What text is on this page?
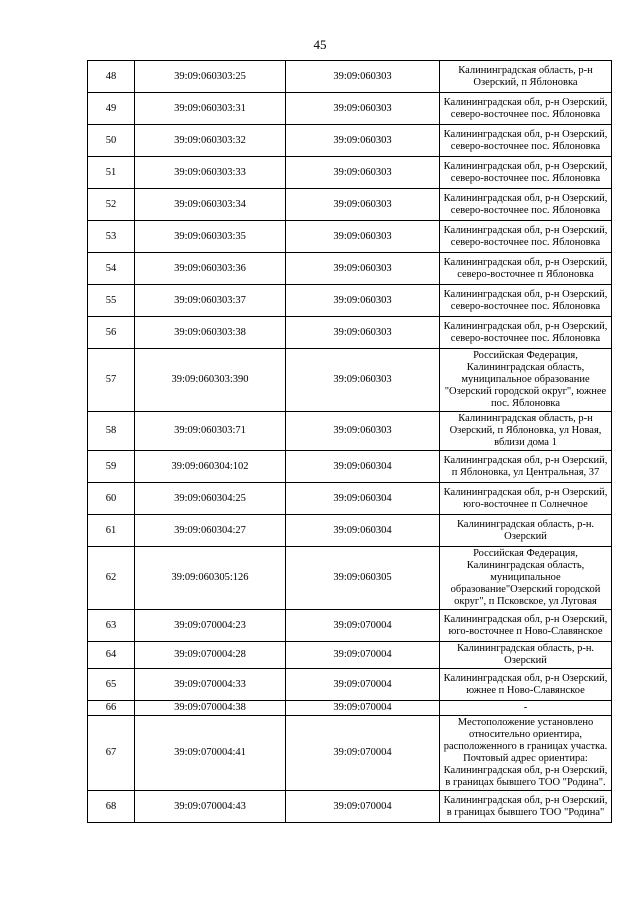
45
48	39:09:060303:25	39:09:060303	Калининградская область, р-н Озерский, п Яблоновка
49	39:09:060303:31	39:09:060303	Калининградская обл, р-н Озерский, северо-восточнее пос. Яблоновка
50	39:09:060303:32	39:09:060303	Калининградская обл, р-н Озерский, северо-восточнее пос. Яблоновка
51	39:09:060303:33	39:09:060303	Калининградская обл, р-н Озерский, северо-восточнее пос. Яблоновка
52	39:09:060303:34	39:09:060303	Калининградская обл, р-н Озерский, северо-восточнее пос. Яблоновка
53	39:09:060303:35	39:09:060303	Калининградская обл, р-н Озерский, северо-восточнее пос. Яблоновка
54	39:09:060303:36	39:09:060303	Калининградская обл, р-н Озерский, северо-восточнее п Яблоновка
55	39:09:060303:37	39:09:060303	Калининградская обл, р-н Озерский, северо-восточнее пос. Яблоновка
56	39:09:060303:38	39:09:060303	Калининградская обл, р-н Озерский, северо-восточнее пос. Яблоновка
57	39:09:060303:390	39:09:060303	Российская Федерация, Калининградская область, муниципальное образование "Озерский городской округ", южнее пос. Яблоновка
58	39:09:060303:71	39:09:060303	Калининградская область, р-н Озерский, п Яблоновка, ул Новая, вблизи дома 1
59	39:09:060304:102	39:09:060304	Калининградская обл, р-н Озерский, п Яблоновка, ул Центральная, 37
60	39:09:060304:25	39:09:060304	Калининградская обл, р-н Озерский, юго-восточнее п Солнечное
61	39:09:060304:27	39:09:060304	Калининградская область, р-н. Озерский
62	39:09:060305:126	39:09:060305	Российская Федерация, Калининградская область, муниципальное образование"Озерский городской округ", п Псковское, ул Луговая
63	39:09:070004:23	39:09:070004	Калининградская обл, р-н Озерский, юго-восточнее п Ново-Славянское
64	39:09:070004:28	39:09:070004	Калининградская область, р-н. Озерский
65	39:09:070004:33	39:09:070004	Калининградская обл, р-н Озерский, южнее п Ново-Славянское
66	39:09:070004:38	39:09:070004	-
67	39:09:070004:41	39:09:070004	Местоположение установлено относительно ориентира, расположенного в границах участка. Почтовый адрес ориентира: Калининградская обл, р-н Озерский, в границах бывшего ТОО "Родина".
68	39:09:070004:43	39:09:070004	Калининградская обл, р-н Озерский, в границах бывшего ТОО "Родина"
